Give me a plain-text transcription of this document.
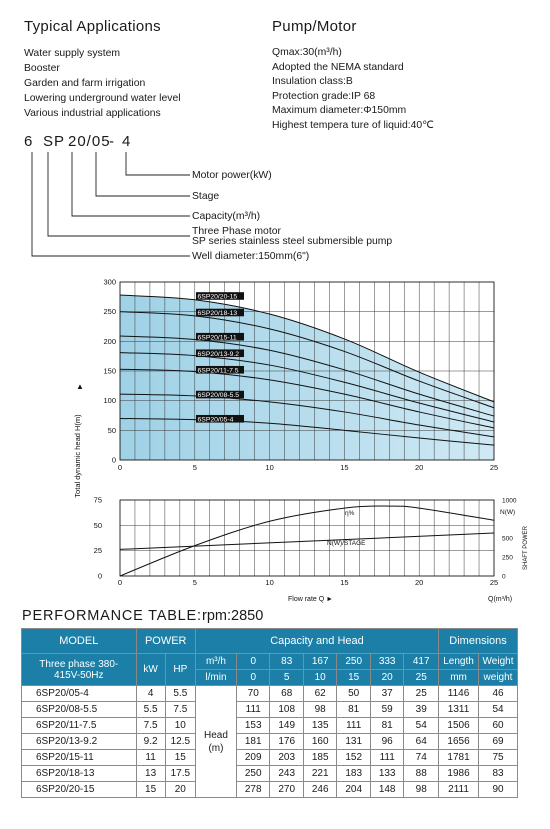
Typical Applications
Water supply system
Booster
Garden and farm irrigation
Lowering underground water level
Various industrial applications
Pump/Motor
Qmax:30(m³/h)
Adopted the NEMA standard
Insulation class:B
Protection grade:IP 68
Maximum diameter:Φ150mm
Highest tempera ture of liquid:40℃
6 SP 20/05
- 4
Motor power(kW)
Stage
Capacity(m³/h)
Three Phase motor
SP series stainless steel submersible pump
Well diameter:150mm(6")
6SP20/20-15
6SP20/18-13
6SP20/15-11
6SP20/13-9.2
6SP20/11-7.5
6SP20/08-5.5
6SP20/05-4
300
250
200
150
100
50
0
0	5	10	15	20	25
Total dynamic head H(m)
▲
75
50
25
0
1000
500
250
0
0	5	10	15	20	25
η%
N(W)/STAGE
N(W)
SHAFT POWER
Flow rate Q ►	Q(m³/h)
PERFORMANCE TABLE: rpm:2850
MODEL	POWER		Capacity and Head							Dimensions	
Three phase 380-415V-50Hz	kW	HP	m³/h	0	83	167	250	333	417	Length	Weight
			l/min	0	5	10	15	20	25	mm	weight
6SP20/05-4	4	5.5	Head (m)	70	68	62	50	37	25	1146	46
6SP20/08-5.5	5.5	7.5		111	108	98	81	59	39	1311	54
6SP20/11-7.5	7.5	10		153	149	135	111	81	54	1506	60
6SP20/13-9.2	9.2	12.5		181	176	160	131	96	64	1656	69
6SP20/15-11	11	15		209	203	185	152	111	74	1781	75
6SP20/18-13	13	17.5		250	243	221	183	133	88	1986	83
6SP20/20-15	15	20		278	270	246	204	148	98	2111	90
